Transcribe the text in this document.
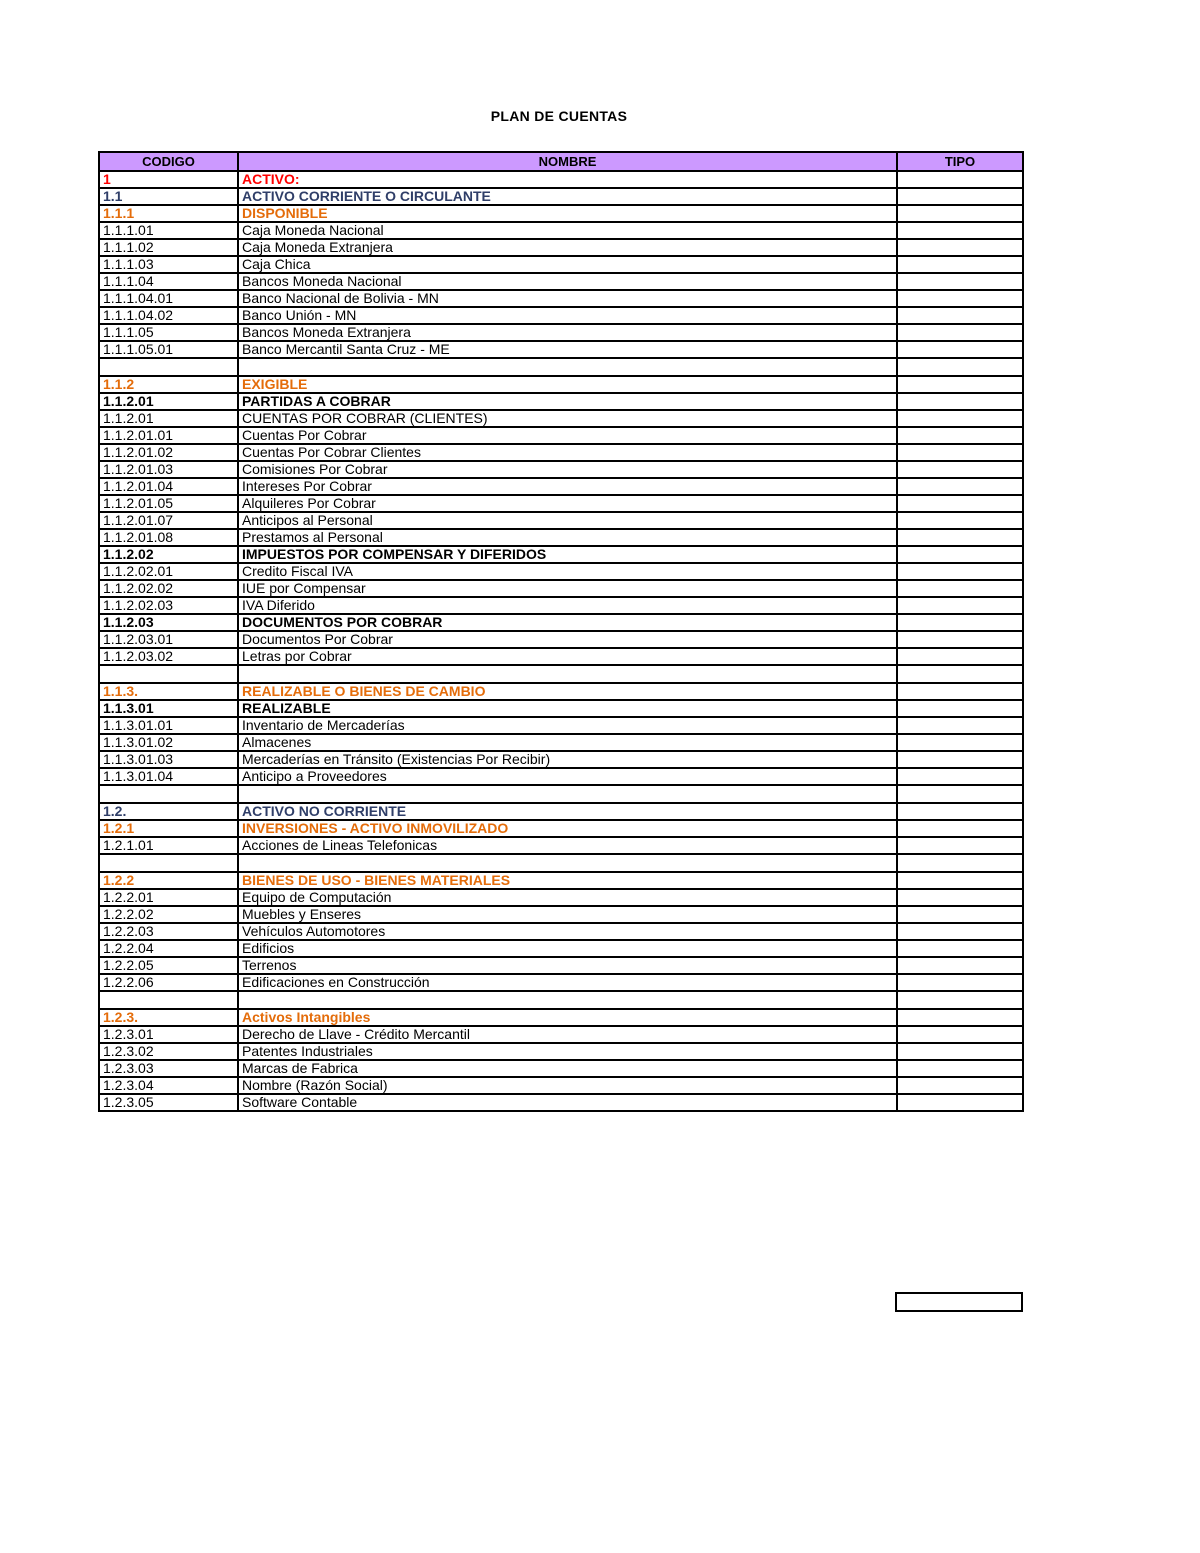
PLAN DE CUENTAS
CODIGO	NOMBRE	TIPO
1	ACTIVO:	
1.1	ACTIVO CORRIENTE O CIRCULANTE	
1.1.1	DISPONIBLE	
1.1.1.01	Caja Moneda Nacional	
1.1.1.02	Caja Moneda Extranjera	
1.1.1.03	Caja Chica	
1.1.1.04	Bancos Moneda Nacional	
1.1.1.04.01	Banco Nacional de Bolivia - MN	
1.1.1.04.02	Banco Unión - MN	
1.1.1.05	Bancos Moneda Extranjera	
1.1.1.05.01	Banco Mercantil Santa Cruz - ME	

1.1.2	EXIGIBLE	
1.1.2.01	PARTIDAS A COBRAR	
1.1.2.01	CUENTAS POR COBRAR (CLIENTES)	
1.1.2.01.01	Cuentas Por Cobrar	
1.1.2.01.02	Cuentas Por Cobrar Clientes	
1.1.2.01.03	Comisiones Por Cobrar	
1.1.2.01.04	Intereses Por Cobrar	
1.1.2.01.05	Alquileres Por Cobrar	
1.1.2.01.07	Anticipos al Personal	
1.1.2.01.08	Prestamos al Personal	
1.1.2.02	IMPUESTOS POR COMPENSAR Y DIFERIDOS	
1.1.2.02.01	Credito Fiscal IVA	
1.1.2.02.02	IUE por Compensar	
1.1.2.02.03	IVA Diferido	
1.1.2.03	DOCUMENTOS POR COBRAR	
1.1.2.03.01	Documentos Por Cobrar	
1.1.2.03.02	Letras por Cobrar	

1.1.3.	REALIZABLE O BIENES DE CAMBIO	
1.1.3.01	REALIZABLE	
1.1.3.01.01	Inventario de Mercaderías	
1.1.3.01.02	Almacenes	
1.1.3.01.03	Mercaderías en Tránsito (Existencias Por Recibir)	
1.1.3.01.04	Anticipo a Proveedores	

1.2.	ACTIVO NO CORRIENTE	
1.2.1	INVERSIONES - ACTIVO INMOVILIZADO	
1.2.1.01	Acciones de Lineas Telefonicas	

1.2.2	BIENES DE USO - BIENES MATERIALES	
1.2.2.01	Equipo de Computación	
1.2.2.02	Muebles y Enseres	
1.2.2.03	Vehículos Automotores	
1.2.2.04	Edificios	
1.2.2.05	Terrenos	
1.2.2.06	Edificaciones en Construcción	

1.2.3.	Activos Intangibles	
1.2.3.01	Derecho de Llave - Crédito Mercantil	
1.2.3.02	Patentes Industriales	
1.2.3.03	Marcas de Fabrica	
1.2.3.04	Nombre (Razón Social)	
1.2.3.05	Software Contable	
